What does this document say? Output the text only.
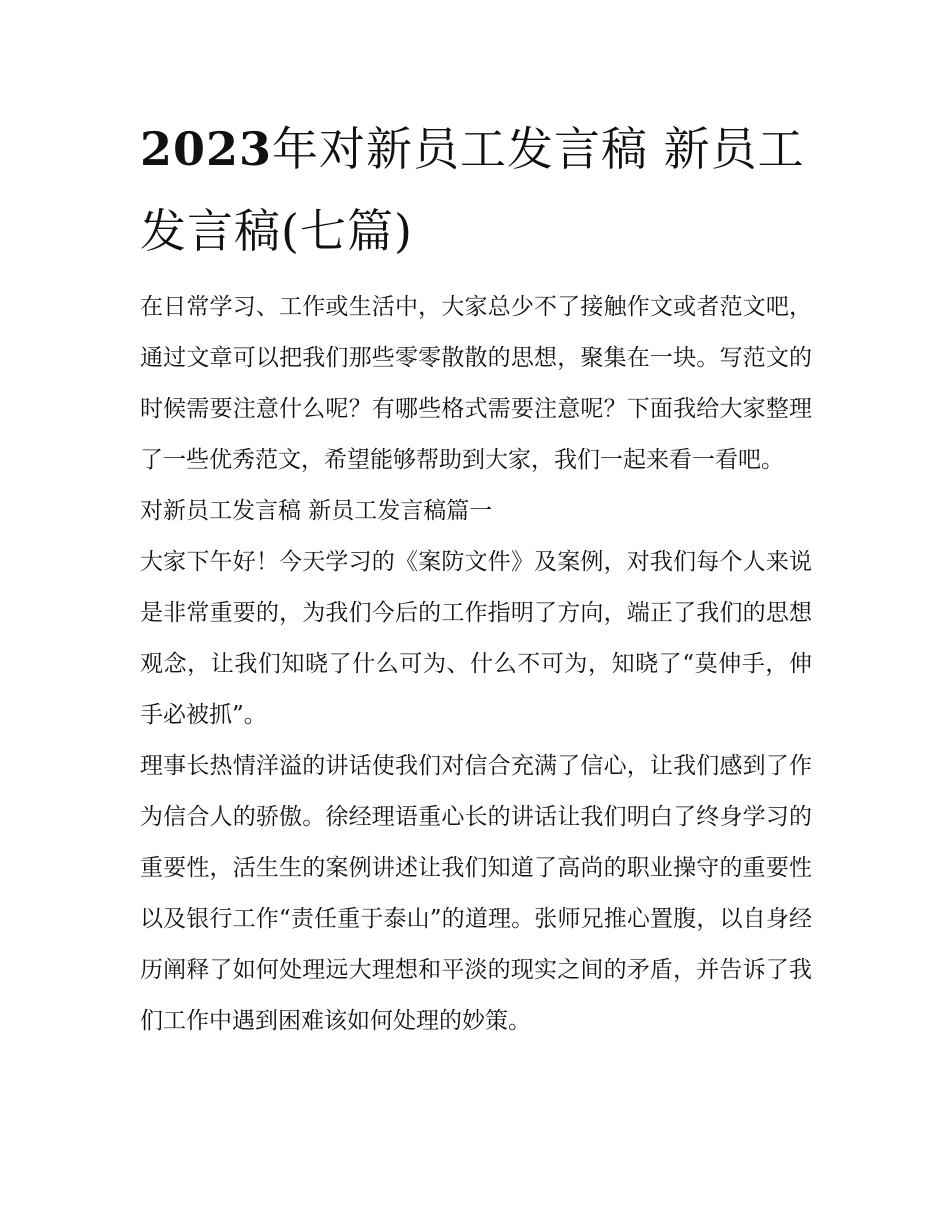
2023年对新员工发言稿 新员工发言稿(七篇)

在日常学习、工作或生活中，大家总少不了接触作文或者范文吧，通过文章可以把我们那些零零散散的思想，聚集在一块。写范文的时候需要注意什么呢？有哪些格式需要注意呢？下面我给大家整理了一些优秀范文，希望能够帮助到大家，我们一起来看一看吧。

对新员工发言稿 新员工发言稿篇一

大家下午好！今天学习的《案防文件》及案例，对我们每个人来说是非常重要的，为我们今后的工作指明了方向，端正了我们的思想观念，让我们知晓了什么可为、什么不可为，知晓了“莫伸手，伸手必被抓”。

理事长热情洋溢的讲话使我们对信合充满了信心，让我们感到了作为信合人的骄傲。徐经理语重心长的讲话让我们明白了终身学习的重要性，活生生的案例讲述让我们知道了高尚的职业操守的重要性以及银行工作“责任重于泰山”的道理。张师兄推心置腹，以自身经历阐释了如何处理远大理想和平淡的现实之间的矛盾，并告诉了我们工作中遇到困难该如何处理的妙策。
